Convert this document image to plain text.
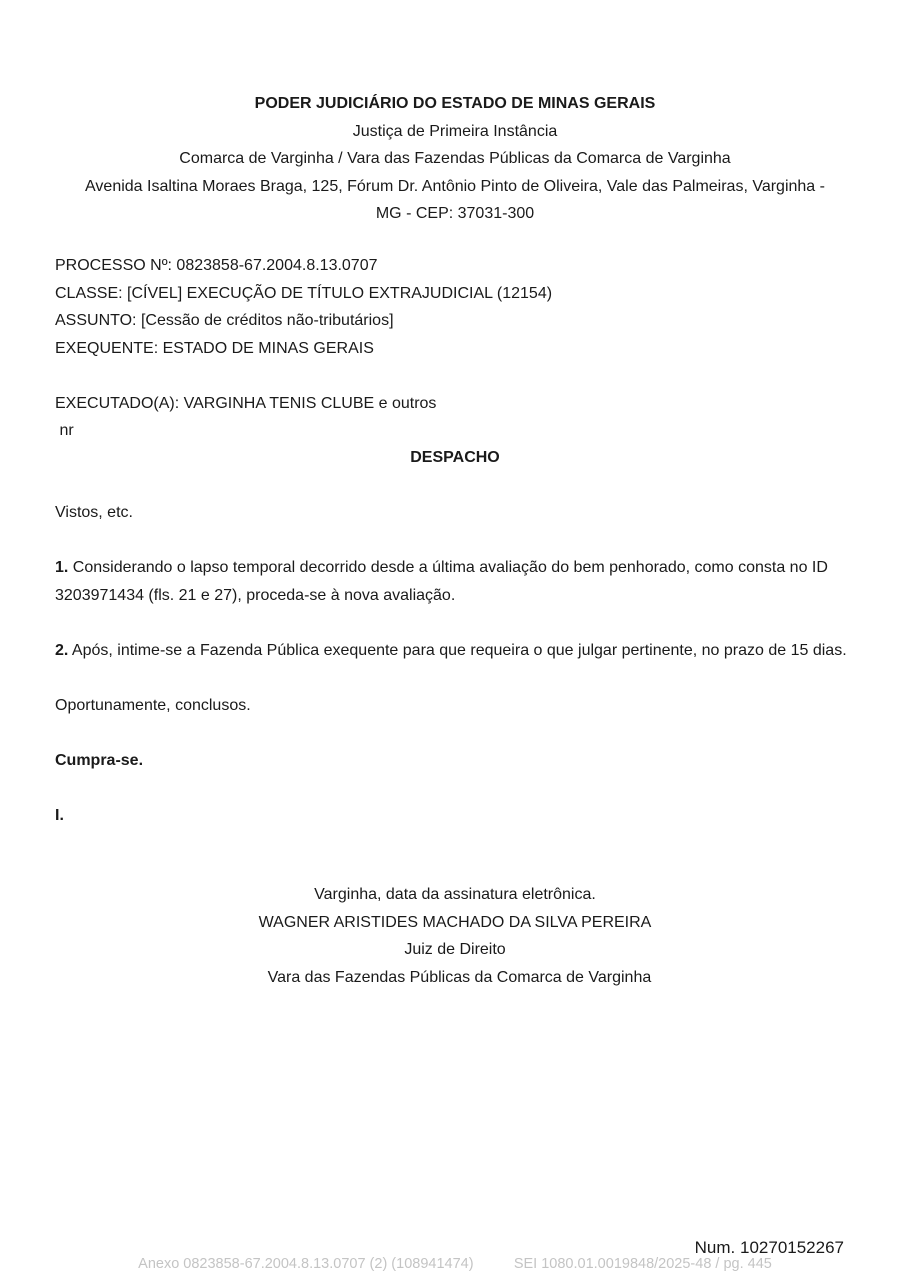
PODER JUDICIÁRIO DO ESTADO DE MINAS GERAIS
Justiça de Primeira Instância
Comarca de Varginha / Vara das Fazendas Públicas da Comarca de Varginha
Avenida Isaltina Moraes Braga, 125, Fórum Dr. Antônio Pinto de Oliveira, Vale das Palmeiras, Varginha -
MG - CEP: 37031-300
PROCESSO Nº: 0823858-67.2004.8.13.0707
CLASSE: [CÍVEL] EXECUÇÃO DE TÍTULO EXTRAJUDICIAL (12154)
ASSUNTO: [Cessão de créditos não-tributários]
EXEQUENTE: ESTADO DE MINAS GERAIS
EXECUTADO(A): VARGINHA TENIS CLUBE e outros
nr
DESPACHO

Vistos, etc.

1. Considerando o lapso temporal decorrido desde a última avaliação do bem penhorado, como consta no ID 3203971434 (fls. 21 e 27), proceda-se à nova avaliação.

2. Após, intime-se a Fazenda Pública exequente para que requeira o que julgar pertinente, no prazo de 15 dias.

Oportunamente, conclusos.

Cumpra-se.

I.

Varginha, data da assinatura eletrônica.
WAGNER ARISTIDES MACHADO DA SILVA PEREIRA
Juiz de Direito
Vara das Fazendas Públicas da Comarca de Varginha
Num. 10270152267
Anexo 0823858-67.2004.8.13.0707 (2) (108941474)	SEI 1080.01.0019848/2025-48 / pg. 445
